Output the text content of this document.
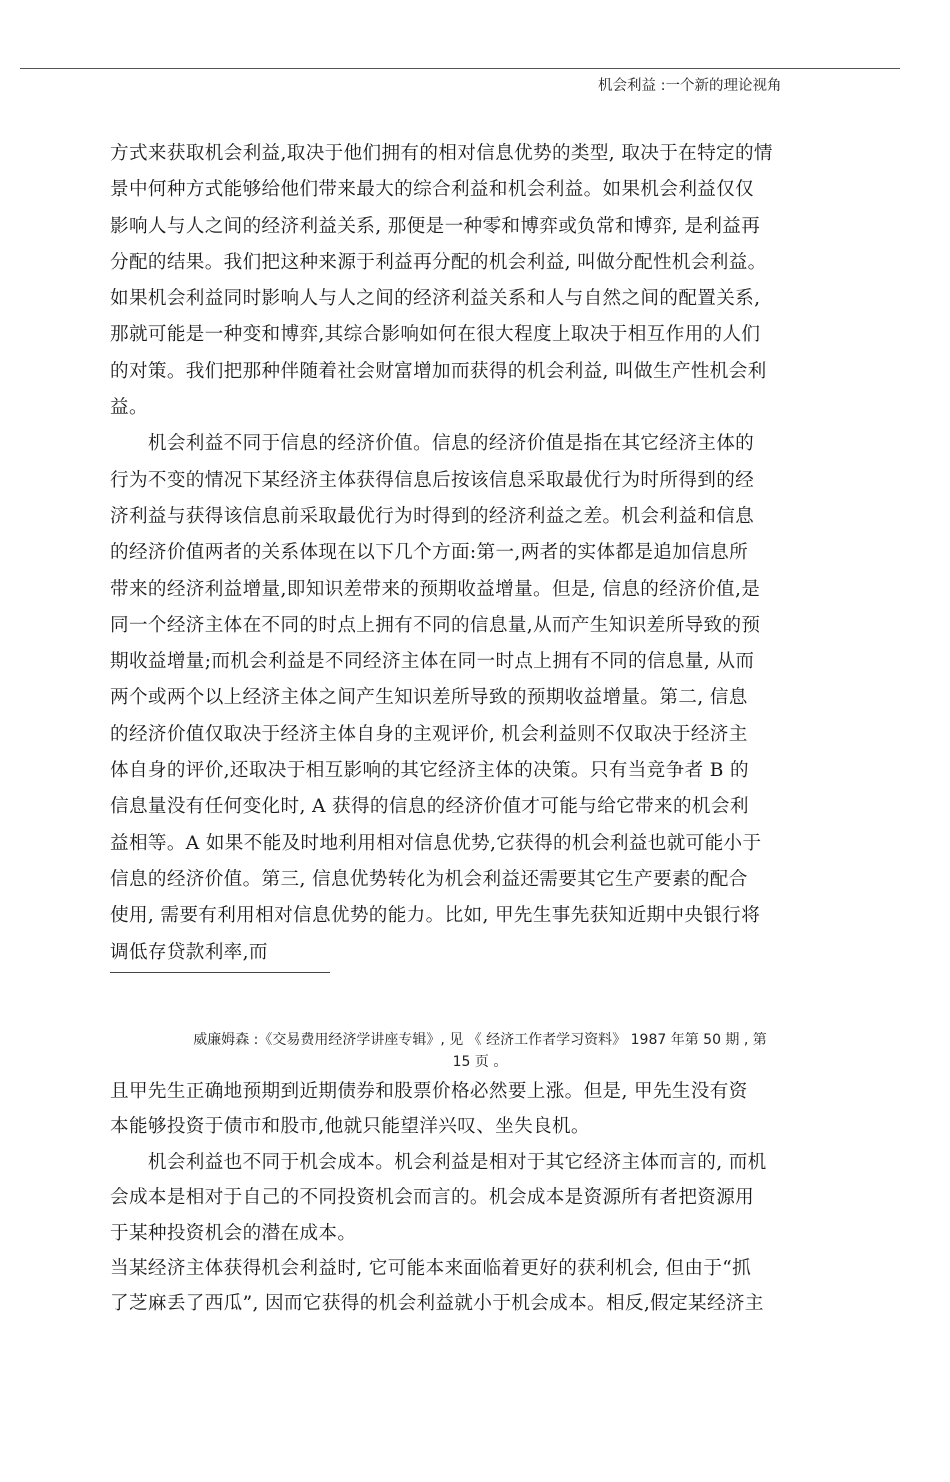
机会利益 :一个新的理论视角
方式来获取机会利益,取决于他们拥有的相对信息优势的类型, 取决于在特定的情
景中何种方式能够给他们带来最大的综合利益和机会利益。如果机会利益仅仅
影响人与人之间的经济利益关系, 那便是一种零和博弈或负常和博弈, 是利益再
分配的结果。我们把这种来源于利益再分配的机会利益, 叫做分配性机会利益。
如果机会利益同时影响人与人之间的经济利益关系和人与自然之间的配置关系,
那就可能是一种变和博弈,其综合影响如何在很大程度上取决于相互作用的人们
的对策。我们把那种伴随着社会财富增加而获得的机会利益, 叫做生产性机会利
益。
　　机会利益不同于信息的经济价值。信息的经济价值是指在其它经济主体的
行为不变的情况下某经济主体获得信息后按该信息采取最优行为时所得到的经
济利益与获得该信息前采取最优行为时得到的经济利益之差。机会利益和信息
的经济价值两者的关系体现在以下几个方面:第一,两者的实体都是追加信息所
带来的经济利益增量,即知识差带来的预期收益增量。但是, 信息的经济价值,是
同一个经济主体在不同的时点上拥有不同的信息量,从而产生知识差所导致的预
期收益增量;而机会利益是不同经济主体在同一时点上拥有不同的信息量, 从而
两个或两个以上经济主体之间产生知识差所导致的预期收益增量。第二, 信息
的经济价值仅取决于经济主体自身的主观评价, 机会利益则不仅取决于经济主
体自身的评价,还取决于相互影响的其它经济主体的决策。只有当竞争者 B 的
信息量没有任何变化时, A 获得的信息的经济价值才可能与给它带来的机会利
益相等。A 如果不能及时地利用相对信息优势,它获得的机会利益也就可能小于
信息的经济价值。第三, 信息优势转化为机会利益还需要其它生产要素的配合
使用, 需要有利用相对信息优势的能力。比如, 甲先生事先获知近期中央银行将
调低存贷款利率,而
威廉姆森 :《交易费用经济学讲座专辑》, 见 《 经济工作者学习资料》 1987 年第 50 期 , 第
15 页 。
且甲先生正确地预期到近期债券和股票价格必然要上涨。但是, 甲先生没有资
本能够投资于债市和股市,他就只能望洋兴叹、坐失良机。
　　机会利益也不同于机会成本。机会利益是相对于其它经济主体而言的, 而机
会成本是相对于自己的不同投资机会而言的。机会成本是资源所有者把资源用
于某种投资机会的潜在成本。
当某经济主体获得机会利益时, 它可能本来面临着更好的获利机会, 但由于“抓
了芝麻丢了西瓜”, 因而它获得的机会利益就小于机会成本。相反,假定某经济主
